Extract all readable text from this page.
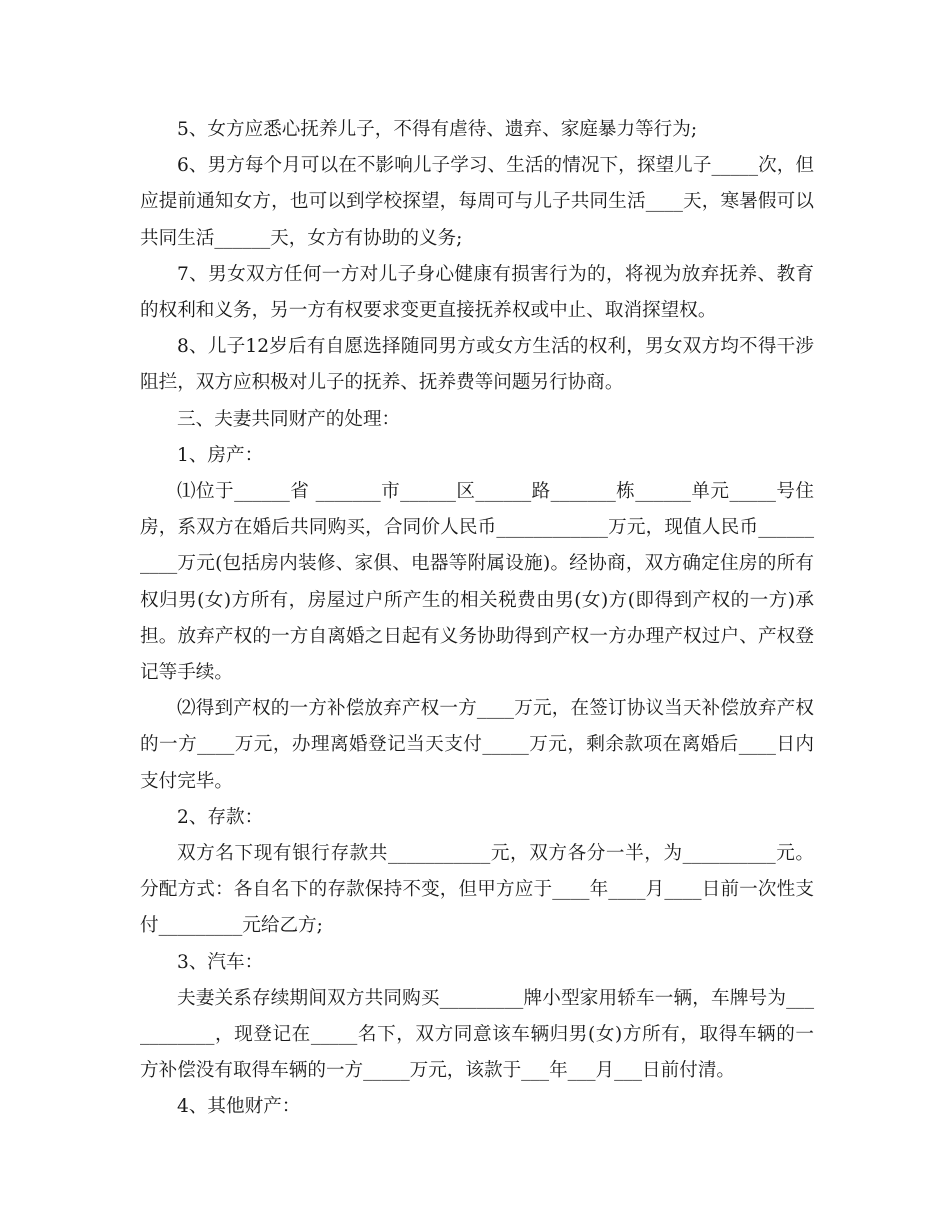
5、女方应悉心抚养儿子，不得有虐待、遗弃、家庭暴力等行为;

6、男方每个月可以在不影响儿子学习、生活的情况下，探望儿子_____次，但应提前通知女方，也可以到学校探望，每周可与儿子共同生活____天，寒暑假可以共同生活______天，女方有协助的义务;

7、男女双方任何一方对儿子身心健康有损害行为的，将视为放弃抚养、教育的权利和义务，另一方有权要求变更直接抚养权或中止、取消探望权。

8、儿子12岁后有自愿选择随同男方或女方生活的权利，男女双方均不得干涉阻拦，双方应积极对儿子的抚养、抚养费等问题另行协商。

三、夫妻共同财产的处理：

1、房产：

⑴位于______省 _______市______区______路_______栋______单元_____号住房，系双方在婚后共同购买，合同价人民币____________万元，现值人民币__________万元(包括房内装修、家俱、电器等附属设施)。经协商，双方确定住房的所有权归男(女)方所有，房屋过户所产生的相关税费由男(女)方(即得到产权的一方)承担。放弃产权的一方自离婚之日起有义务协助得到产权一方办理产权过户、产权登记等手续。

⑵得到产权的一方补偿放弃产权一方____万元，在签订协议当天补偿放弃产权的一方____万元，办理离婚登记当天支付_____万元，剩余款项在离婚后____日内支付完毕。

2、存款：

双方名下现有银行存款共___________元，双方各分一半，为__________元。分配方式：各自名下的存款保持不变，但甲方应于____年____月____日前一次性支付_________元给乙方;

3、汽车：

夫妻关系存续期间双方共同购买_________牌小型家用轿车一辆，车牌号为___________，现登记在_____名下，双方同意该车辆归男(女)方所有，取得车辆的一方补偿没有取得车辆的一方_____万元，该款于___年___月___日前付清。

4、其他财产：
